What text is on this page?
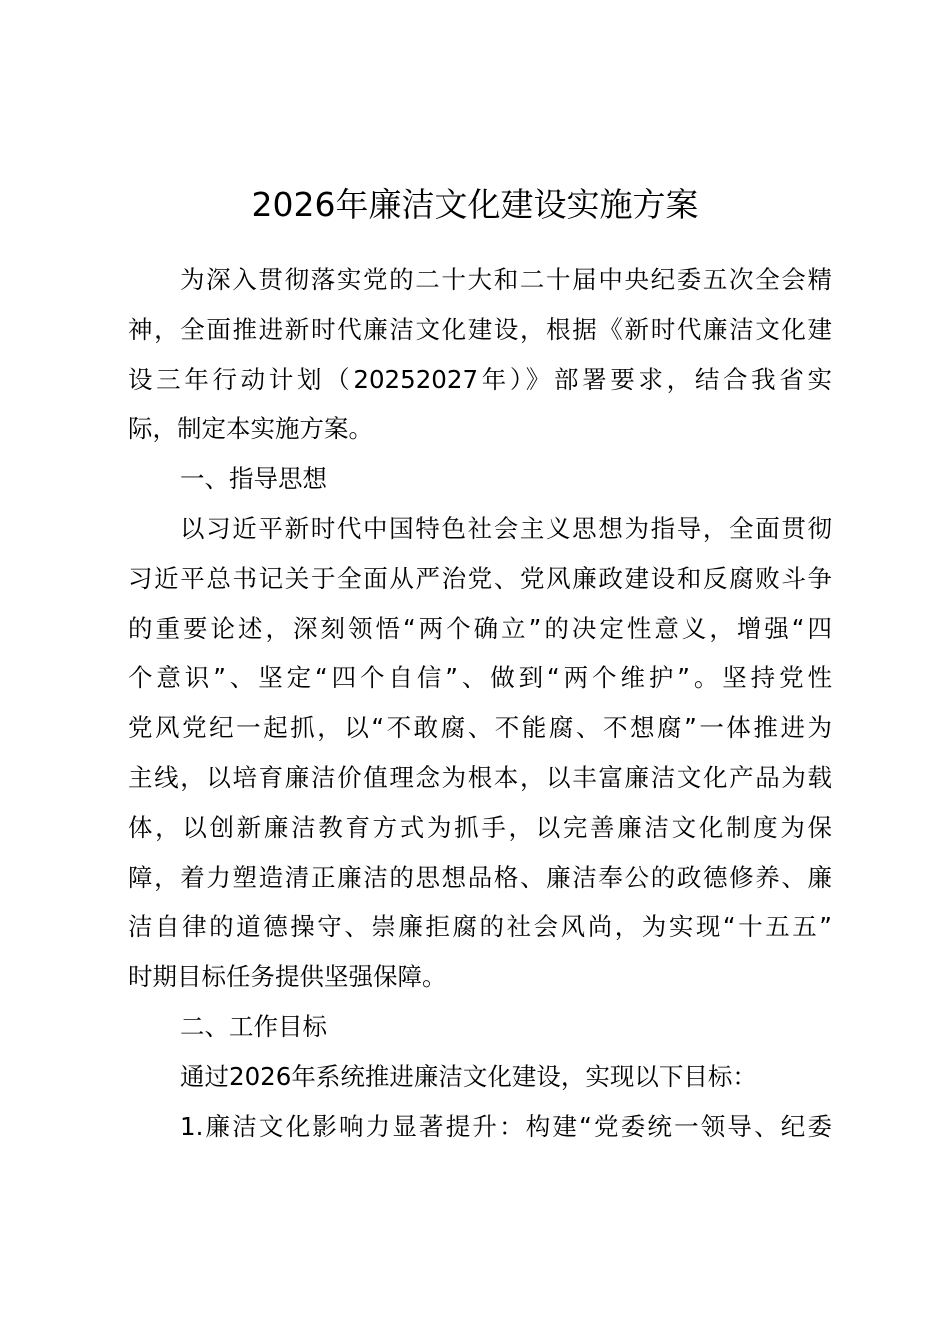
2026年廉洁文化建设实施方案
为深入贯彻落实党的二十大和二十届中央纪委五次全会精
神，全面推进新时代廉洁文化建设，根据《新时代廉洁文化建
设三年行动计划（20252027年）》部署要求，结合我省实
际，制定本实施方案。
一、指导思想
以习近平新时代中国特色社会主义思想为指导，全面贯彻
习近平总书记关于全面从严治党、党风廉政建设和反腐败斗争
的重要论述，深刻领悟“两个确立”的决定性意义，增强“四
个意识”、坚定“四个自信”、做到“两个维护”。坚持党性
党风党纪一起抓，以“不敢腐、不能腐、不想腐”一体推进为
主线，以培育廉洁价值理念为根本，以丰富廉洁文化产品为载
体，以创新廉洁教育方式为抓手，以完善廉洁文化制度为保
障，着力塑造清正廉洁的思想品格、廉洁奉公的政德修养、廉
洁自律的道德操守、崇廉拒腐的社会风尚，为实现“十五五”
时期目标任务提供坚强保障。
二、工作目标
通过2026年系统推进廉洁文化建设，实现以下目标：
1.廉洁文化影响力显著提升：构建“党委统一领导、纪委
